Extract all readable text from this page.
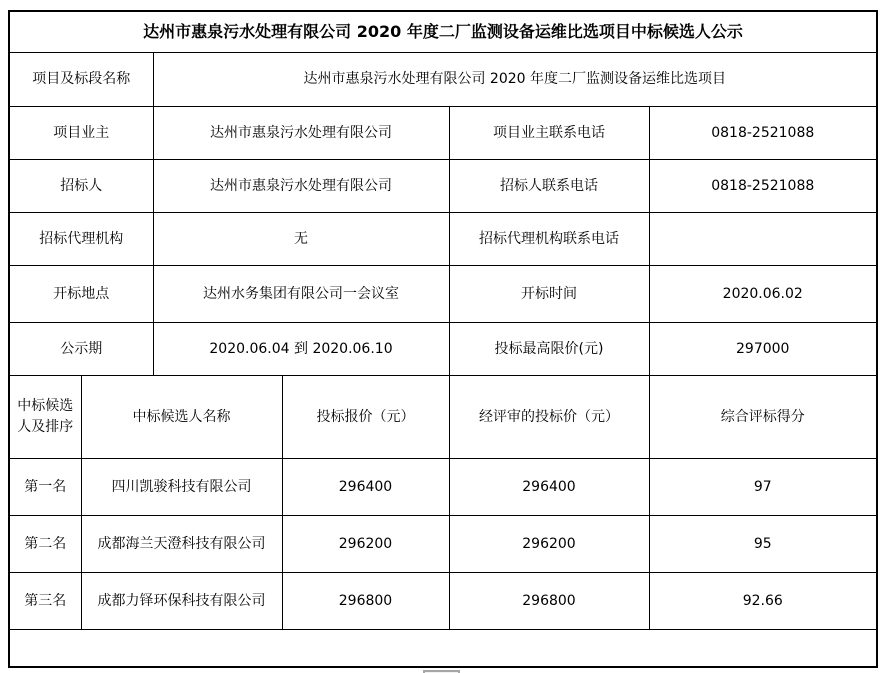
达州市惠泉污水处理有限公司 2020 年度二厂监测设备运维比选项目中标候选人公示					
项目及标段名称		达州市惠泉污水处理有限公司 2020 年度二厂监测设备运维比选项目			
项目业主		达州市惠泉污水处理有限公司		项目业主联系电话	0818-2521088
招标人		达州市惠泉污水处理有限公司		招标人联系电话	0818-2521088
招标代理机构		无		招标代理机构联系电话	
开标地点		达州水务集团有限公司一会议室		开标时间	2020.06.02
公示期		2020.06.04 到 2020.06.10		投标最高限价(元)	297000
中标候选人及排序	中标候选人名称		投标报价（元）	经评审的投标价（元）	综合评标得分
第一名	四川凯骏科技有限公司		296400	296400	97
第二名	成都海兰天澄科技有限公司		296200	296200	95
第三名	成都力铎环保科技有限公司		296800	296800	92.66
